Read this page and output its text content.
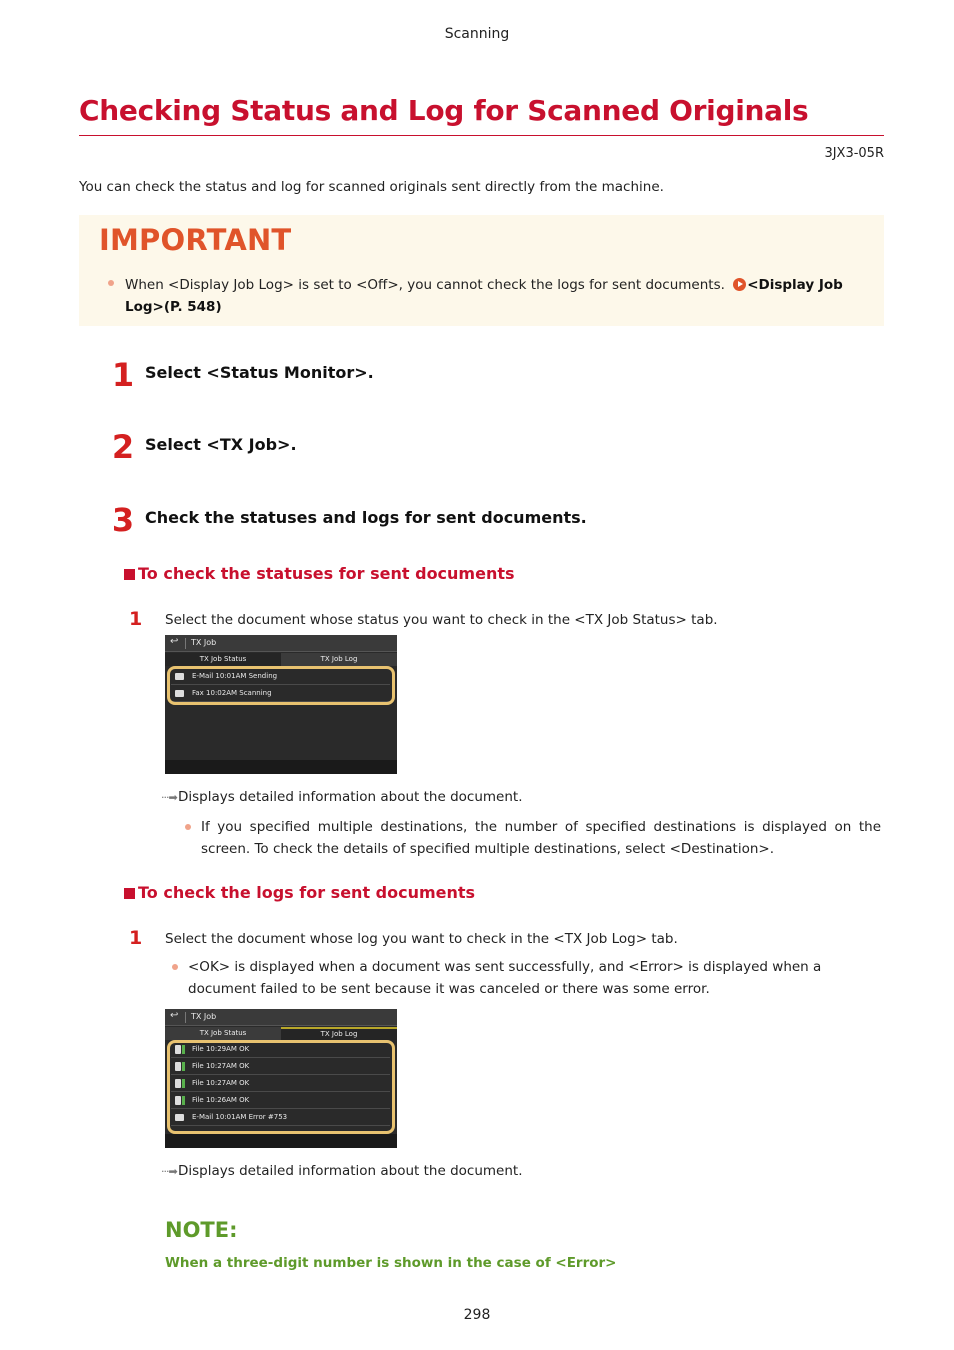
Scanning
Checking Status and Log for Scanned Originals
3JX3-05R

You can check the status and log for scanned originals sent directly from the machine.

IMPORTANT
When <Display Job Log> is set to <Off>, you cannot check the logs for sent documents. <Display Job Log>(P. 548)
1 Select <Status Monitor>.
2 Select <TX Job>.
3 Check the statuses and logs for sent documents.
To check the statuses for sent documents
1 Select the document whose status you want to check in the <TX Job Status> tab.
↩ TX Job
TX Job Status	TX Job Log
E-Mail 10:01AM Sending
Fax 10:02AM Scanning
···➡Displays detailed information about the document.
If you specified multiple destinations, the number of specified destinations is displayed on the screen. To check the details of specified multiple destinations, select <Destination>.
To check the logs for sent documents
1 Select the document whose log you want to check in the <TX Job Log> tab.
<OK> is displayed when a document was sent successfully, and <Error> is displayed when a document failed to be sent because it was canceled or there was some error.
↩ TX Job
TX Job Status	TX Job Log
File 10:29AM OK
File 10:27AM OK
File 10:27AM OK
File 10:26AM OK
E-Mail 10:01AM Error #753
···➡Displays detailed information about the document.
NOTE:
When a three-digit number is shown in the case of <Error>
298
